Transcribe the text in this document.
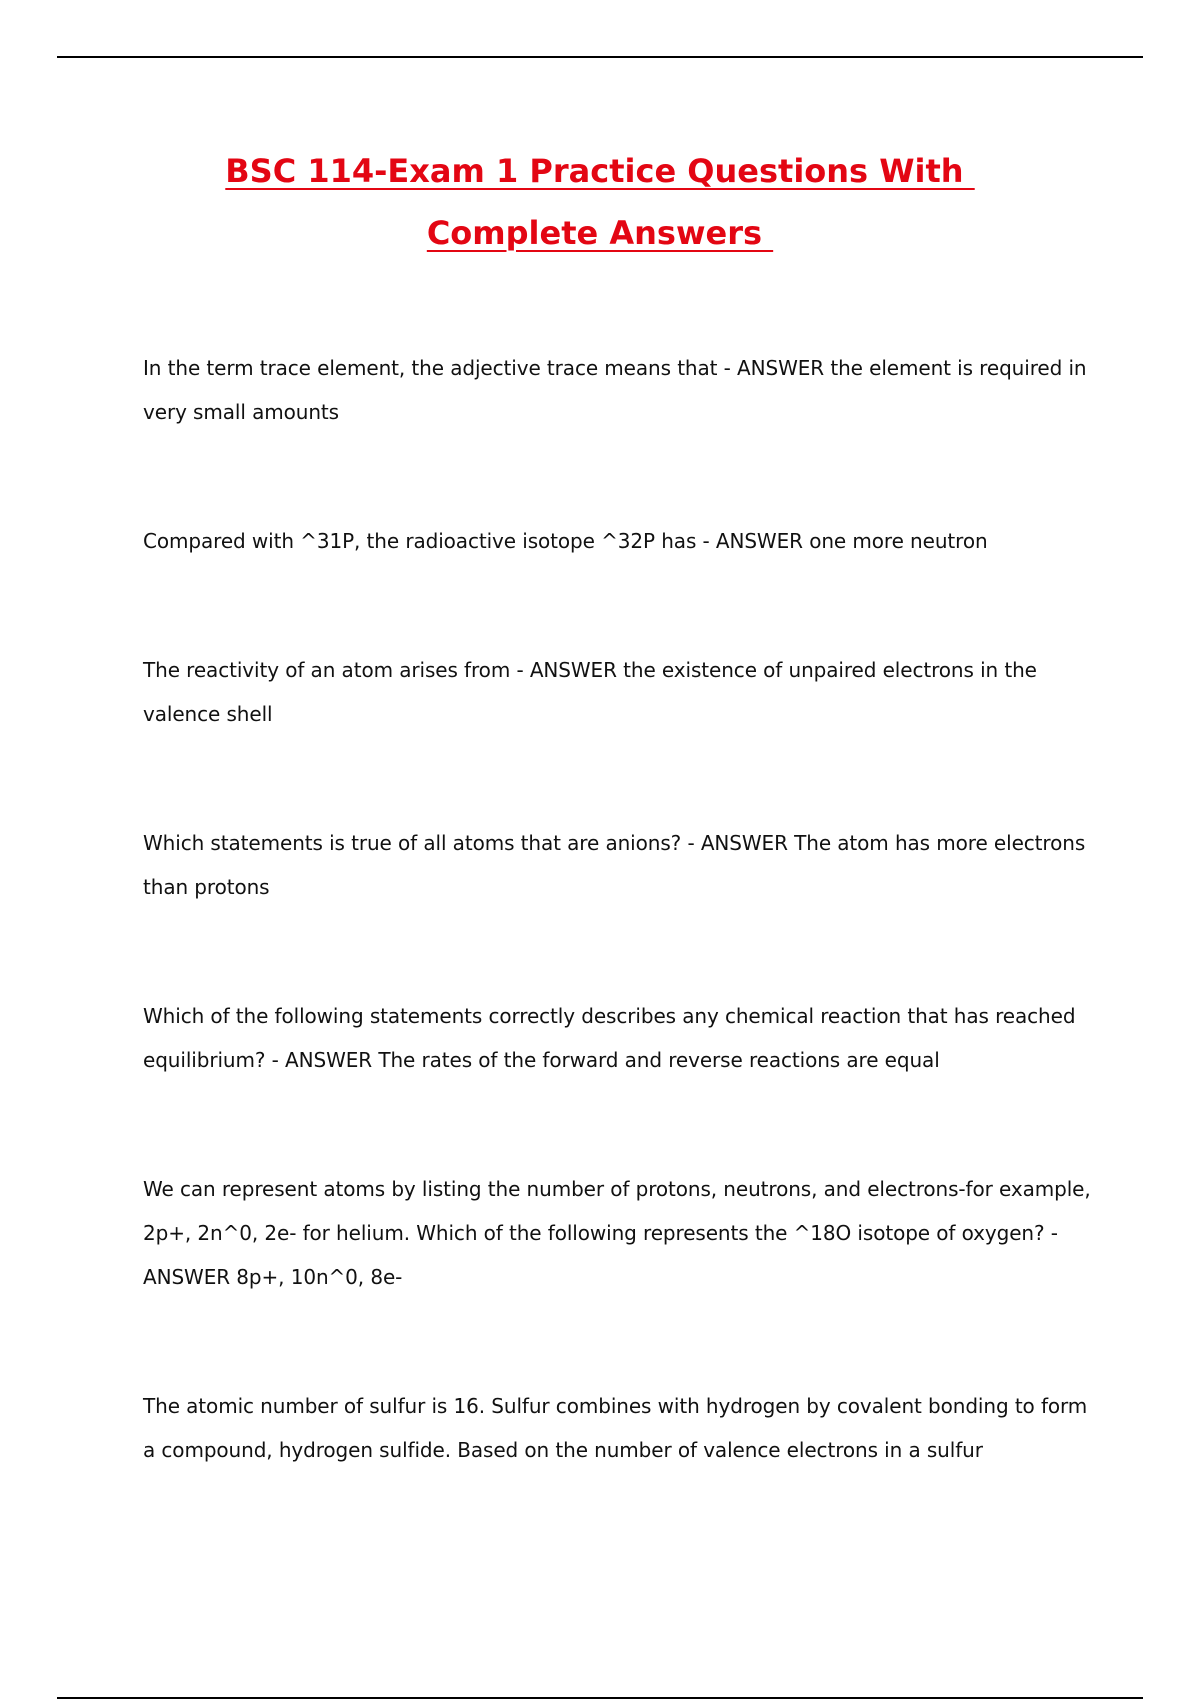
BSC 114-Exam 1 Practice Questions With
Complete Answers

In the term trace element, the adjective trace means that - ANSWER the element is required in very small amounts

Compared with ^31P, the radioactive isotope ^32P has - ANSWER one more neutron

The reactivity of an atom arises from - ANSWER the existence of unpaired electrons in the valence shell

Which statements is true of all atoms that are anions? - ANSWER The atom has more electrons than protons

Which of the following statements correctly describes any chemical reaction that has reached equilibrium? - ANSWER The rates of the forward and reverse reactions are equal

We can represent atoms by listing the number of protons, neutrons, and electrons-for example, 2p+, 2n^0, 2e- for helium. Which of the following represents the ^18O isotope of oxygen? - ANSWER 8p+, 10n^0, 8e-

The atomic number of sulfur is 16. Sulfur combines with hydrogen by covalent bonding to form a compound, hydrogen sulfide. Based on the number of valence electrons in a sulfur
